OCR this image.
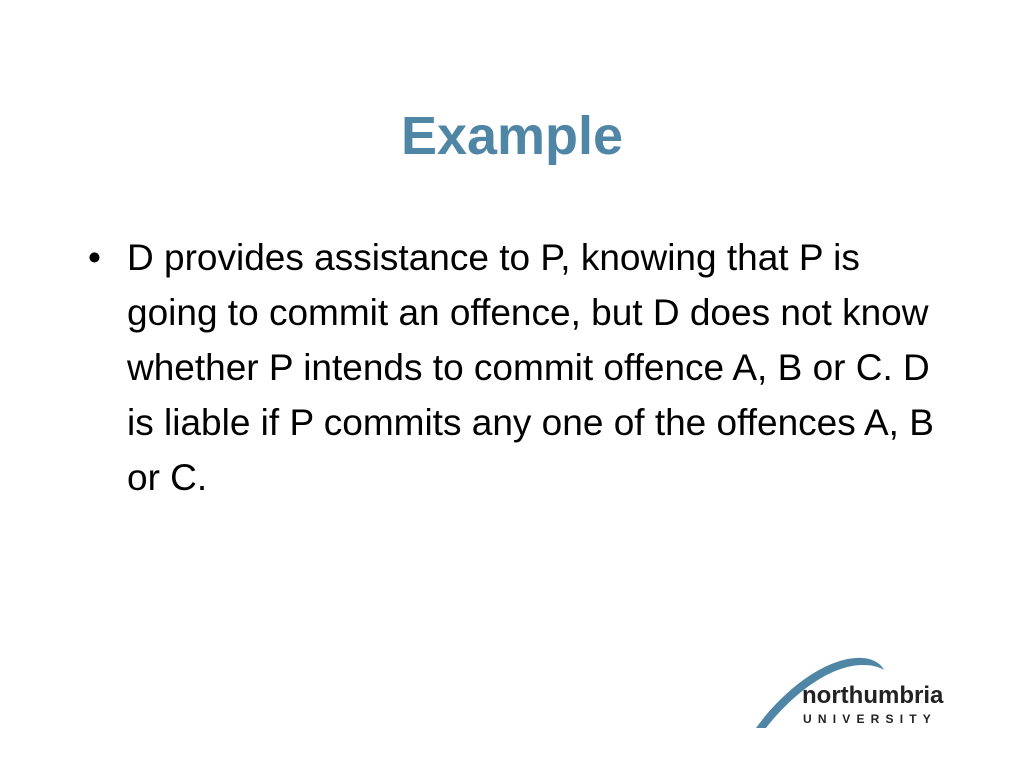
Example
• D provides assistance to P, knowing that P is going to commit an offence, but D does not know whether P intends to commit offence A, B or C. D is liable if P commits any one of the offences A, B or C.
northumbria
UNIVERSITY
